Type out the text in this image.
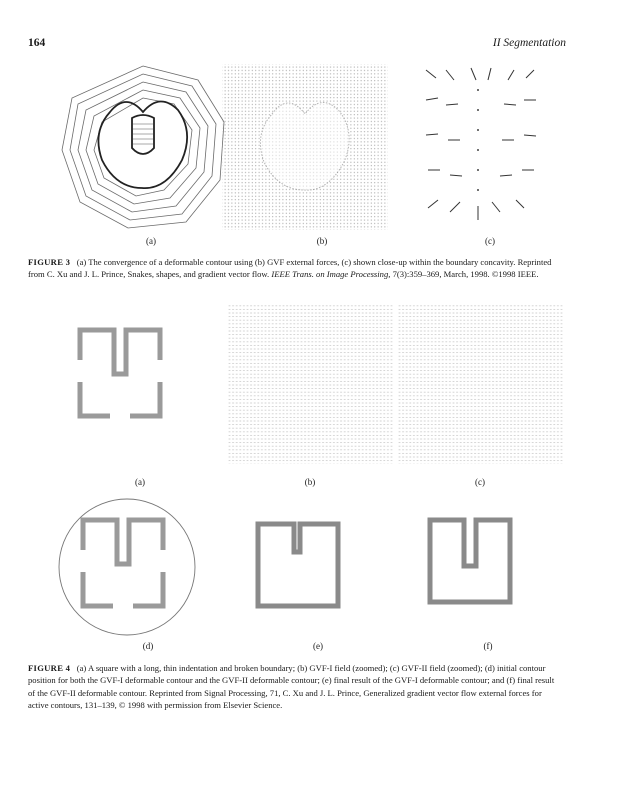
164	II Segmentation
(a)	(b)	(c)
FIGURE 3 (a) The convergence of a deformable contour using (b) GVF external forces, (c) shown close-up within the boundary concavity. Reprinted from C. Xu and J. L. Prince, Snakes, shapes, and gradient vector flow. IEEE Trans. on Image Processing, 7(3):359–369, March, 1998. ©1998 IEEE.
(a)	(b)	(c)
(d)	(e)	(f)
FIGURE 4 (a) A square with a long, thin indentation and broken boundary; (b) GVF-I field (zoomed); (c) GVF-II field (zoomed); (d) initial contour position for both the GVF-I deformable contour and the GVF-II deformable contour; (e) final result of the GVF-I deformable contour; and (f) final result of the GVF-II deformable contour. Reprinted from Signal Processing, 71, C. Xu and J. L. Prince, Generalized gradient vector flow external forces for active contours, 131–139, © 1998 with permission from Elsevier Science.
